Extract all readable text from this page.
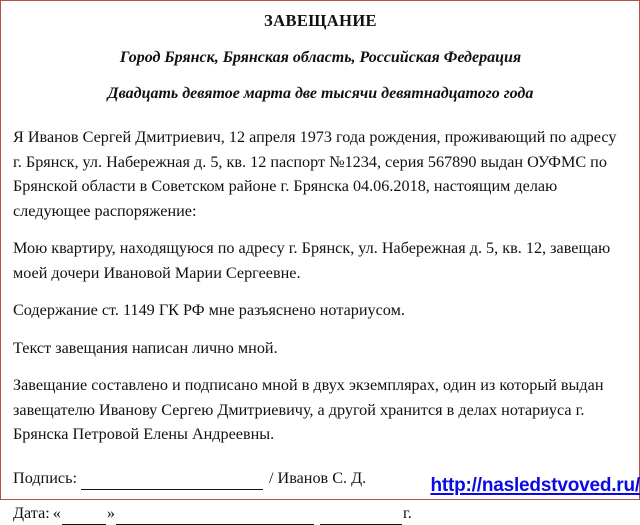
ЗАВЕЩАНИЕ

Город Брянск, Брянская область, Российская Федерация

Двадцать девятое марта две тысячи девятнадцатого года

Я Иванов Сергей Дмитриевич, 12 апреля 1973 года рождения, проживающий по адресу г. Брянск, ул. Набережная д. 5, кв. 12 паспорт №1234, серия 567890 выдан ОУФМС по Брянской области в Советском районе г. Брянска 04.06.2018, настоящим делаю следующее распоряжение:

Мою квартиру, находящуюся по адресу г. Брянск, ул. Набережная д. 5, кв. 12, завещаю моей дочери Ивановой Марии Сергеевне.

Содержание ст. 1149 ГК РФ мне разъяснено нотариусом.

Текст завещания написан лично мной.

Завещание составлено и подписано мной в двух экземплярах, один из который выдан завещателю Иванову Сергею Дмитриевичу, а другой хранится в делах нотариуса г. Брянска Петровой Елены Андреевны.

Подпись:	/ Иванов С. Д.
Дата: «	»	г.
http://nasledstvoved.ru/
